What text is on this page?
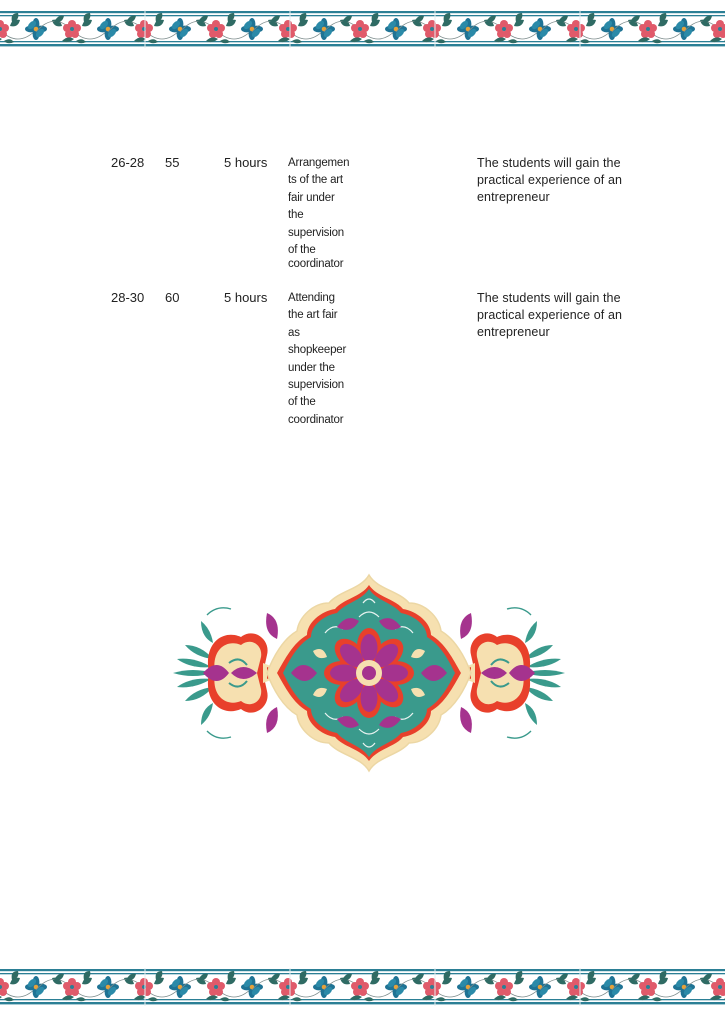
26-28 55	5 hours Arrangemen
ts of the art
fair under
the
supervision
of the
coordinator
The students will gain the
practical experience of an
entrepreneur
28-30 60	5 hours Attending
the art fair
as
shopkeeper
under the
supervision
of the
coordinator
The students will gain the
practical experience of an
entrepreneur
